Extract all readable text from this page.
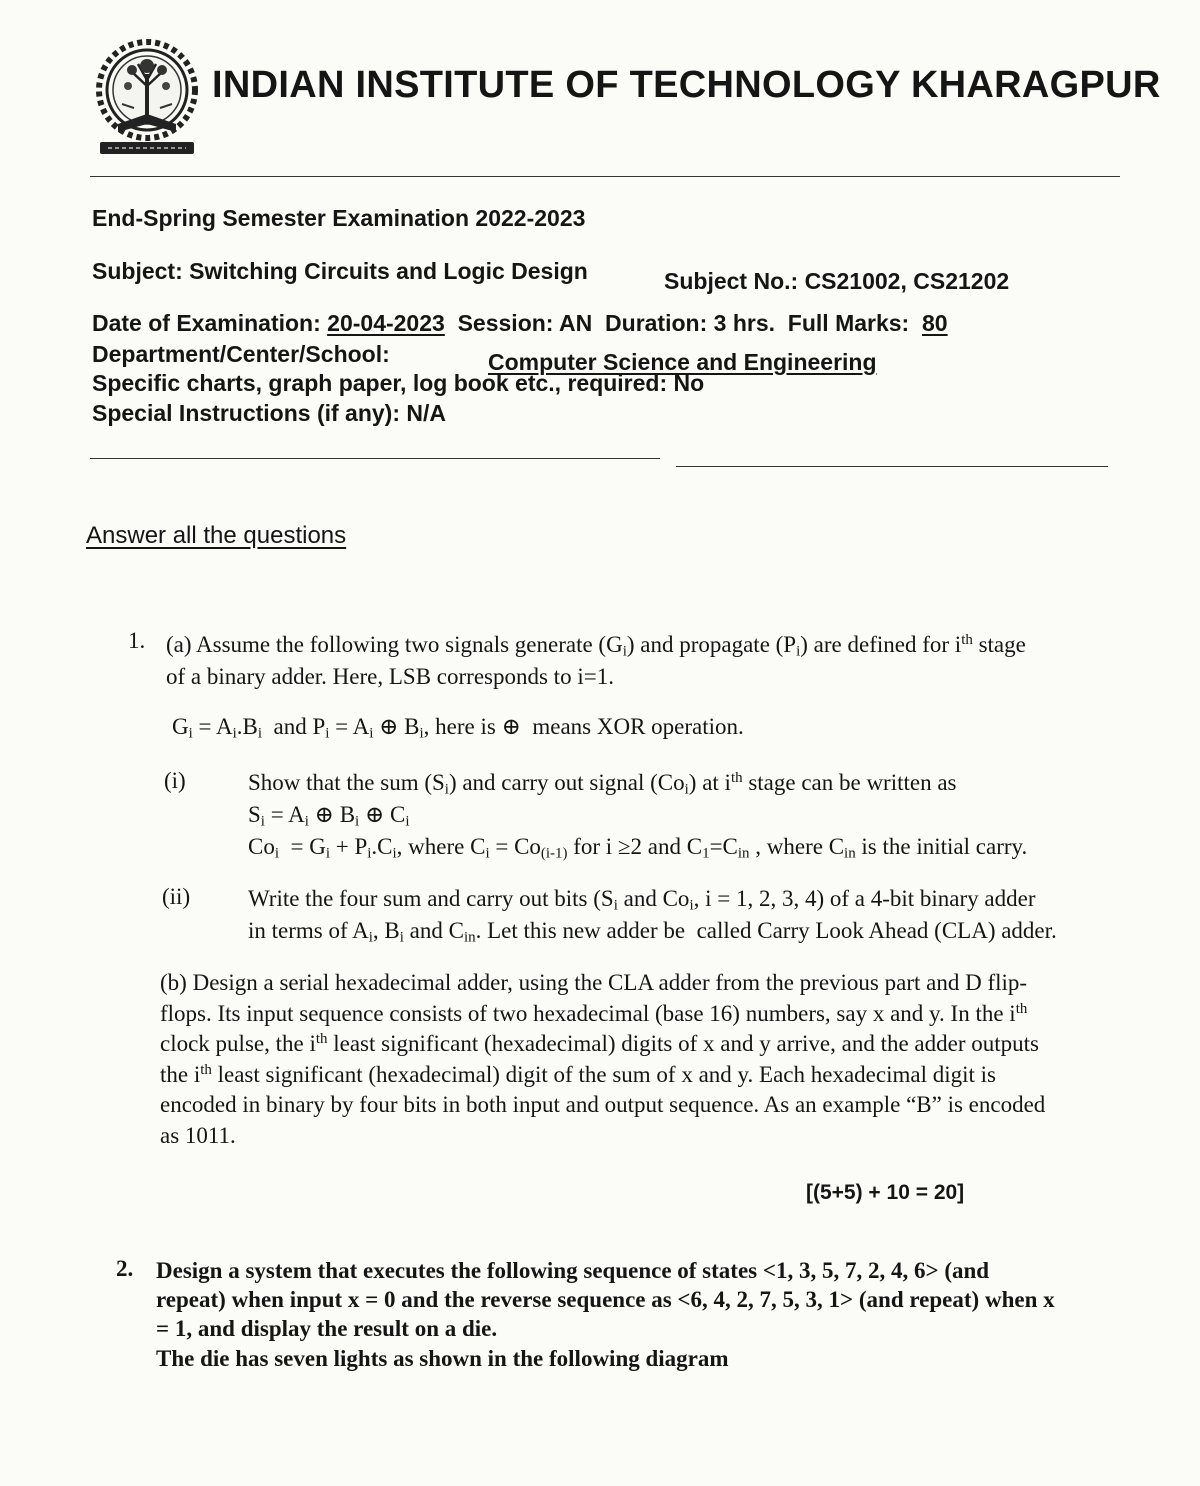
INDIAN INSTITUTE OF TECHNOLOGY KHARAGPUR
End-Spring Semester Examination 2022-2023
Subject: Switching Circuits and Logic Design	Subject No.: CS21002, CS21202
Date of Examination: 20-04-2023 Session: AN Duration: 3 hrs. Full Marks: 80
Department/Center/School:	Computer Science and Engineering
Specific charts, graph paper, log book etc., required: No
Special Instructions (if any): N/A
Answer all the questions
1. (a) Assume the following two signals generate $(G_i)$ and propagate $(P_i)$ are defined for $i^{th}$ stage
of a binary adder. Here, LSB corresponds to i=1.
$G_i = A_i.B_i$  and $P_i = A_i$ ⊕ $B_i$, here is ⊕  means XOR operation.
(i)	Show that the sum $(S_i)$ and carry out signal $(Co_i)$ at $i^{th}$ stage can be written as
$S_i = A_i$ ⊕ $B_i$ ⊕ $C_i$
$Co_i = G_i + P_i.C_i$, where $C_i = Co_{(i-1)}$ for i ≥2 and $C_1=C_{in}$ , where $C_{in}$ is the initial carry.
(ii)	Write the four sum and carry out bits ($S_i$ and $Co_i$, i = 1, 2, 3, 4) of a 4-bit binary adder
in terms of $A_i$, $B_i$ and $C_{in}$. Let this new adder be  called Carry Look Ahead (CLA) adder.
(b) Design a serial hexadecimal adder, using the CLA adder from the previous part and D flip-
flops. Its input sequence consists of two hexadecimal (base 16) numbers, say x and y. In the $i^{th}$
clock pulse, the $i^{th}$ least significant (hexadecimal) digits of x and y arrive, and the adder outputs
the $i^{th}$ least significant (hexadecimal) digit of the sum of x and y. Each hexadecimal digit is
encoded in binary by four bits in both input and output sequence. As an example “B” is encoded
as 1011.
[(5+5) + 10 = 20]
2. Design a system that executes the following sequence of states <1, 3, 5, 7, 2, 4, 6> (and
repeat) when input x = 0 and the reverse sequence as <6, 4, 2, 7, 5, 3, 1> (and repeat) when x
= 1, and display the result on a die.
The die has seven lights as shown in the following diagram
